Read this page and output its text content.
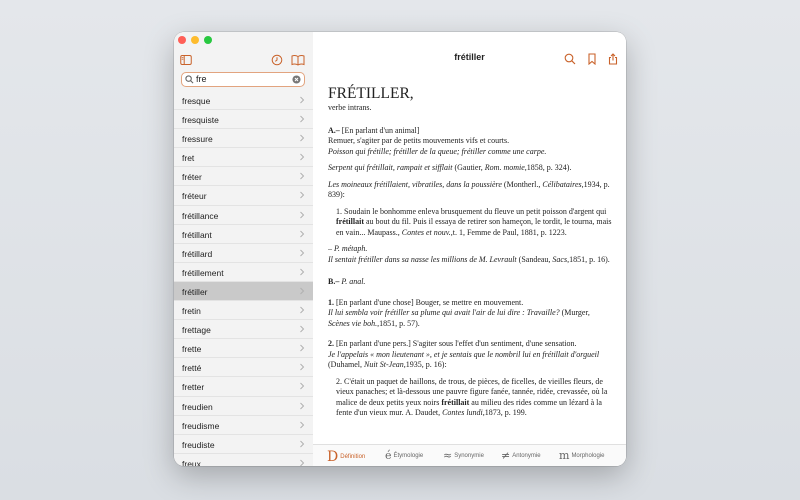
fre
fresque
fresquiste
fressure
fret
fréter
fréteur
frétillance
frétillant
frétillard
frétillement
frétiller
fretin
frettage
frette
fretté
fretter
freudien
freudisme
freudiste
freux
frétiller
FRÉTILLER,
verbe intrans.
A.– [En parlant d'un animal]
Remuer, s'agiter par de petits mouvements vifs et courts.
Poisson qui frétille; frétiller de la queue; frétiller comme une carpe.
Serpent qui frétillait, rampait et sifflait (Gautier, Rom. momie,1858, p. 324).
Les moineaux frétillaient, vibratiles, dans la poussière (Montherl., Célibataires,1934, p. 839):
1. Soudain le bonhomme enleva brusquement du fleuve un petit poisson d'argent qui frétillait au bout du fil. Puis il essaya de retirer son hameçon, le tordit, le tourna, mais en vain... Maupass., Contes et nouv.,t. 1, Femme de Paul, 1881, p. 1223.
– P. métaph.
Il sentait frétiller dans sa nasse les millions de M. Levrault (Sandeau, Sacs,1851, p. 16).
B.– P. anal.
1. [En parlant d'une chose] Bouger, se mettre en mouvement.
Il lui sembla voir frétiller sa plume qui avait l'air de lui dire : Travaille? (Murger, Scènes vie boh.,1851, p. 57).
2. [En parlant d'une pers.] S'agiter sous l'effet d'un sentiment, d'une sensation.
Je l'appelais « mon lieutenant », et je sentais que le nombril lui en frétillait d'orgueil (Duhamel, Nuit St-Jean,1935, p. 16):
2. C'était un paquet de haillons, de trous, de pièces, de ficelles, de vieilles fleurs, de vieux panaches; et là-dessous une pauvre figure fanée, tannée, ridée, crevassée, où la malice de deux petits yeux noirs frétillait au milieu des rides comme un lézard à la fente d'un vieux mur. A. Daudet, Contes lundi,1873, p. 199.
D Définition é Étymologie ≈ Synonymie ≠ Antonymie m Morphologie
